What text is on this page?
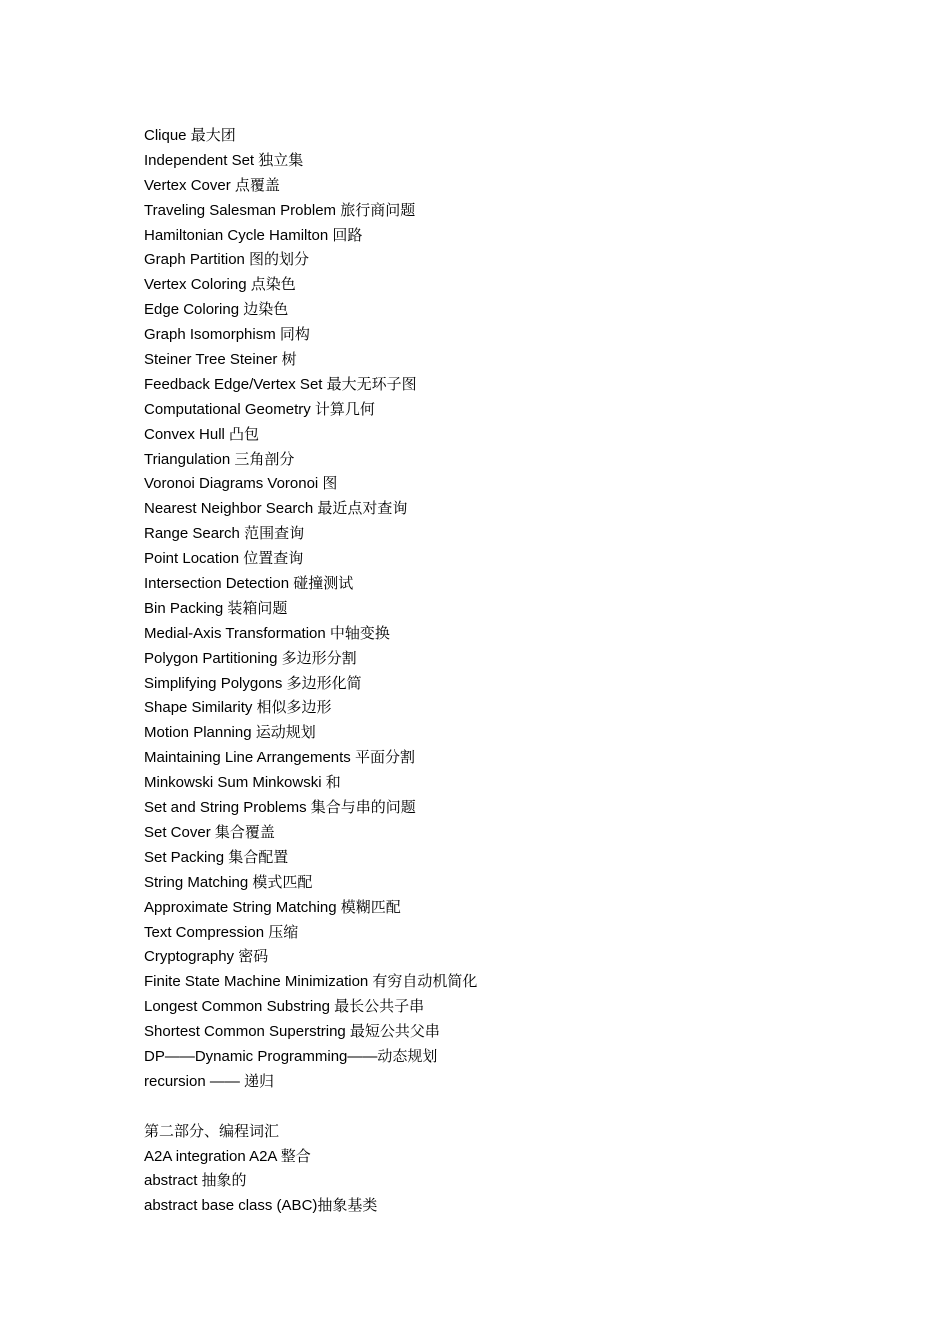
Clique 最大团
Independent Set 独立集
Vertex Cover 点覆盖
Traveling Salesman Problem 旅行商问题
Hamiltonian Cycle Hamilton 回路
Graph Partition 图的划分
Vertex Coloring 点染色
Edge Coloring 边染色
Graph Isomorphism 同构
Steiner Tree Steiner 树
Feedback Edge/Vertex Set 最大无环子图
Computational Geometry 计算几何
Convex Hull 凸包
Triangulation 三角剖分
Voronoi Diagrams Voronoi 图
Nearest Neighbor Search 最近点对查询
Range Search 范围查询
Point Location 位置查询
Intersection Detection 碰撞测试
Bin Packing 装箱问题
Medial-Axis Transformation 中轴变换
Polygon Partitioning 多边形分割
Simplifying Polygons 多边形化简
Shape Similarity 相似多边形
Motion Planning 运动规划
Maintaining Line Arrangements 平面分割
Minkowski Sum Minkowski 和
Set and String Problems 集合与串的问题
Set Cover 集合覆盖
Set Packing 集合配置
String Matching 模式匹配
Approximate String Matching 模糊匹配
Text Compression 压缩
Cryptography 密码
Finite State Machine Minimization 有穷自动机简化
Longest Common Substring 最长公共子串
Shortest Common Superstring 最短公共父串
DP——Dynamic Programming——动态规划
recursion —— 递归
第二部分、编程词汇
A2A integration A2A 整合
abstract 抽象的
abstract base class (ABC)抽象基类
